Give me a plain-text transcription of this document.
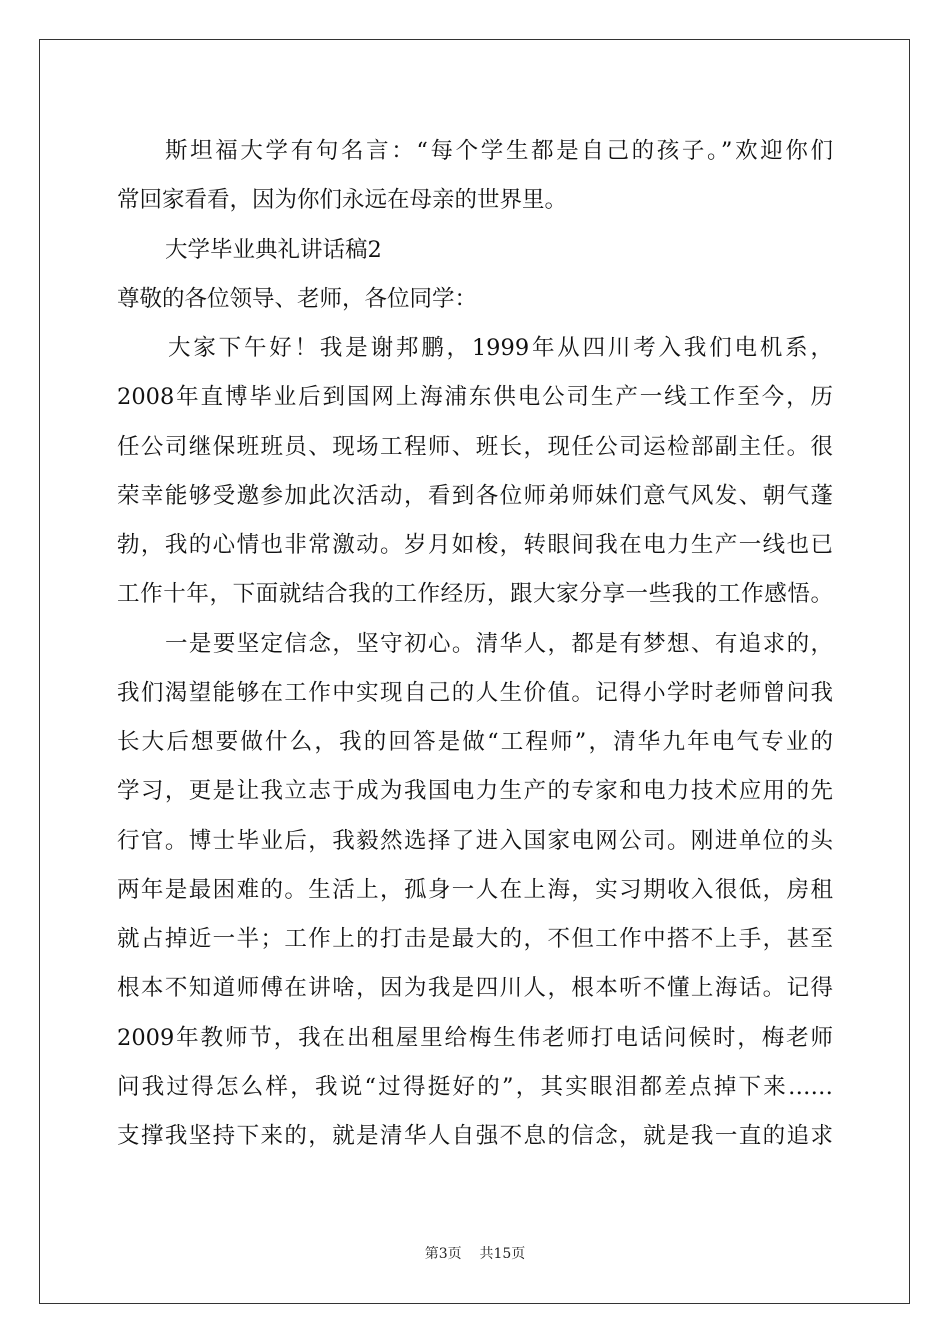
斯坦福大学有句名言：“每个学生都是自己的孩子。”欢迎你们
常回家看看，因为你们永远在母亲的世界里。
大学毕业典礼讲话稿2
尊敬的各位领导、老师，各位同学：
大家下午好！我是谢邦鹏，1999年从四川考入我们电机系，
2008年直博毕业后到国网上海浦东供电公司生产一线工作至今，历
任公司继保班班员、现场工程师、班长，现任公司运检部副主任。很
荣幸能够受邀参加此次活动，看到各位师弟师妹们意气风发、朝气蓬
勃，我的心情也非常激动。岁月如梭，转眼间我在电力生产一线也已
工作十年，下面就结合我的工作经历，跟大家分享一些我的工作感悟。
一是要坚定信念，坚守初心。清华人，都是有梦想、有追求的，
我们渴望能够在工作中实现自己的人生价值。记得小学时老师曾问我
长大后想要做什么，我的回答是做“工程师”，清华九年电气专业的
学习，更是让我立志于成为我国电力生产的专家和电力技术应用的先
行官。博士毕业后，我毅然选择了进入国家电网公司。刚进单位的头
两年是最困难的。生活上，孤身一人在上海，实习期收入很低，房租
就占掉近一半；工作上的打击是最大的，不但工作中搭不上手，甚至
根本不知道师傅在讲啥，因为我是四川人，根本听不懂上海话。记得
2009年教师节，我在出租屋里给梅生伟老师打电话问候时，梅老师
问我过得怎么样，我说“过得挺好的”，其实眼泪都差点掉下来……
支撑我坚持下来的，就是清华人自强不息的信念，就是我一直的追求
第3页 共15页
